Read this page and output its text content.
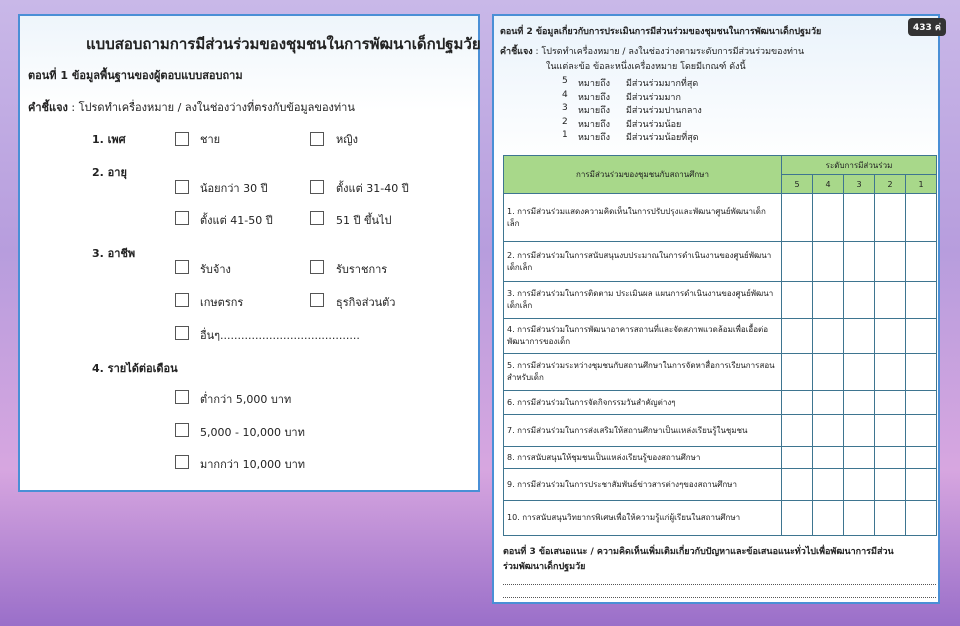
แบบสอบถามการมีส่วนร่วมของชุมชนในการพัฒนาเด็กปฐมวัย
ตอนที่ 1 ข้อมูลพื้นฐานของผู้ตอบแบบสอบถาม
คำชี้แจง : โปรดทำเครื่องหมาย / ลงในช่องว่างที่ตรงกับข้อมูลของท่าน
1. เพศ	ชาย	หญิง
2. อายุ
น้อยกว่า 30 ปี	ตั้งแต่ 31-40 ปี
ตั้งแต่ 41-50 ปี	51 ปี ขึ้นไป
3. อาชีพ
รับจ้าง	รับราชการ
เกษตรกร	ธุรกิจส่วนตัว
อื่นๆ........................................
4. รายได้ต่อเดือน
ต่ำกว่า 5,000 บาท
5,000 - 10,000 บาท
มากกว่า 10,000 บาท
433 ค่
ตอนที่ 2 ข้อมูลเกี่ยวกับการประเมินการมีส่วนร่วมของชุมชนในการพัฒนาเด็กปฐมวัย
คำชี้แจง : โปรดทำเครื่องหมาย / ลงในช่องว่างตามระดับการมีส่วนร่วมของท่าน
ในแต่ละข้อ ข้อละหนึ่งเครื่องหมาย โดยมีเกณฑ์ ดังนี้
5 หมายถึง มีส่วนร่วมมากที่สุด
4 หมายถึง มีส่วนร่วมมาก
3 หมายถึง มีส่วนร่วมปานกลาง
2 หมายถึง มีส่วนร่วมน้อย
1 หมายถึง มีส่วนร่วมน้อยที่สุด
การมีส่วนร่วมของชุมชนกับสถานศึกษา	ระดับการมีส่วนร่วม				
	5	4	3	2	1
1. การมีส่วนร่วมแสดงความคิดเห็นในการปรับปรุงและพัฒนาศูนย์พัฒนาเด็กเล็ก					
2. การมีส่วนร่วมในการสนับสนุนงบประมาณในการดำเนินงานของศูนย์พัฒนาเด็กเล็ก					
3. การมีส่วนร่วมในการติดตาม ประเมินผล แผนการดำเนินงานของศูนย์พัฒนาเด็กเล็ก					
4. การมีส่วนร่วมในการพัฒนาอาคารสถานที่และจัดสภาพแวดล้อมเพื่อเอื้อต่อพัฒนาการของเด็ก					
5. การมีส่วนร่วมระหว่างชุมชนกับสถานศึกษาในการจัดหาสื่อการเรียนการสอนสำหรับเด็ก					
6. การมีส่วนร่วมในการจัดกิจกรรมวันสำคัญต่างๆ					
7. การมีส่วนร่วมในการส่งเสริมให้สถานศึกษาเป็นแหล่งเรียนรู้ในชุมชน					
8. การสนับสนุนให้ชุมชนเป็นแหล่งเรียนรู้ของสถานศึกษา					
9. การมีส่วนร่วมในการประชาสัมพันธ์ข่าวสารต่างๆของสถานศึกษา					
10. การสนับสนุนวิทยากรพิเศษเพื่อให้ความรู้แก่ผู้เรียนในสถานศึกษา					
ตอนที่ 3 ข้อเสนอแนะ / ความคิดเห็นเพิ่มเติมเกี่ยวกับปัญหาและข้อเสนอแนะทั่วไปเพื่อพัฒนาการมีส่วนร่วมพัฒนาเด็กปฐมวัย
